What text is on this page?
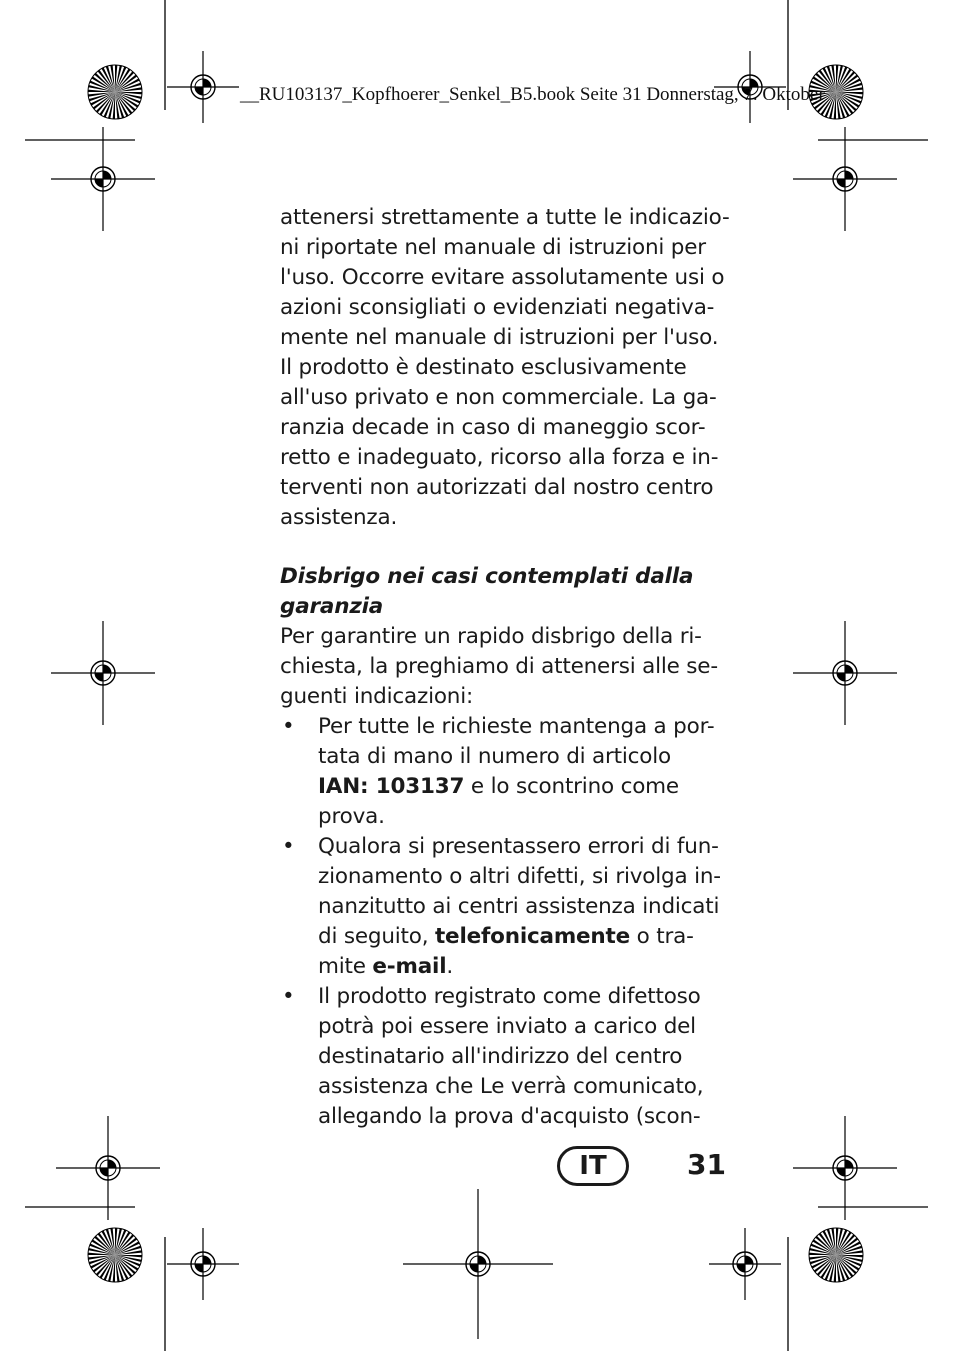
__RU103137_Kopfhoerer_Senkel_B5.book Seite 31 Donnerstag, 7. Oktober
attenersi strettamente a tutte le indicazio-
ni riportate nel manuale di istruzioni per
l'uso. Occorre evitare assolutamente usi o
azioni sconsigliati o evidenziati negativa-
mente nel manuale di istruzioni per l'uso.
Il prodotto è destinato esclusivamente
all'uso privato e non commerciale. La ga-
ranzia decade in caso di maneggio scor-
retto e inadeguato, ricorso alla forza e in-
terventi non autorizzati dal nostro centro
assistenza.
Disbrigo nei casi contemplati dalla
garanzia
Per garantire un rapido disbrigo della ri-
chiesta, la preghiamo di attenersi alle se-
guenti indicazioni:
•	Per tutte le richieste mantenga a por-
tata di mano il numero di articolo
IAN: 103137 e lo scontrino come
prova.
•	Qualora si presentassero errori di fun-
zionamento o altri difetti, si rivolga in-
nanzitutto ai centri assistenza indicati
di seguito, telefonicamente o tra-
mite e-mail.
•	Il prodotto registrato come difettoso
potrà poi essere inviato a carico del
destinatario all'indirizzo del centro
assistenza che Le verrà comunicato,
allegando la prova d'acquisto (scon-
IT	31
